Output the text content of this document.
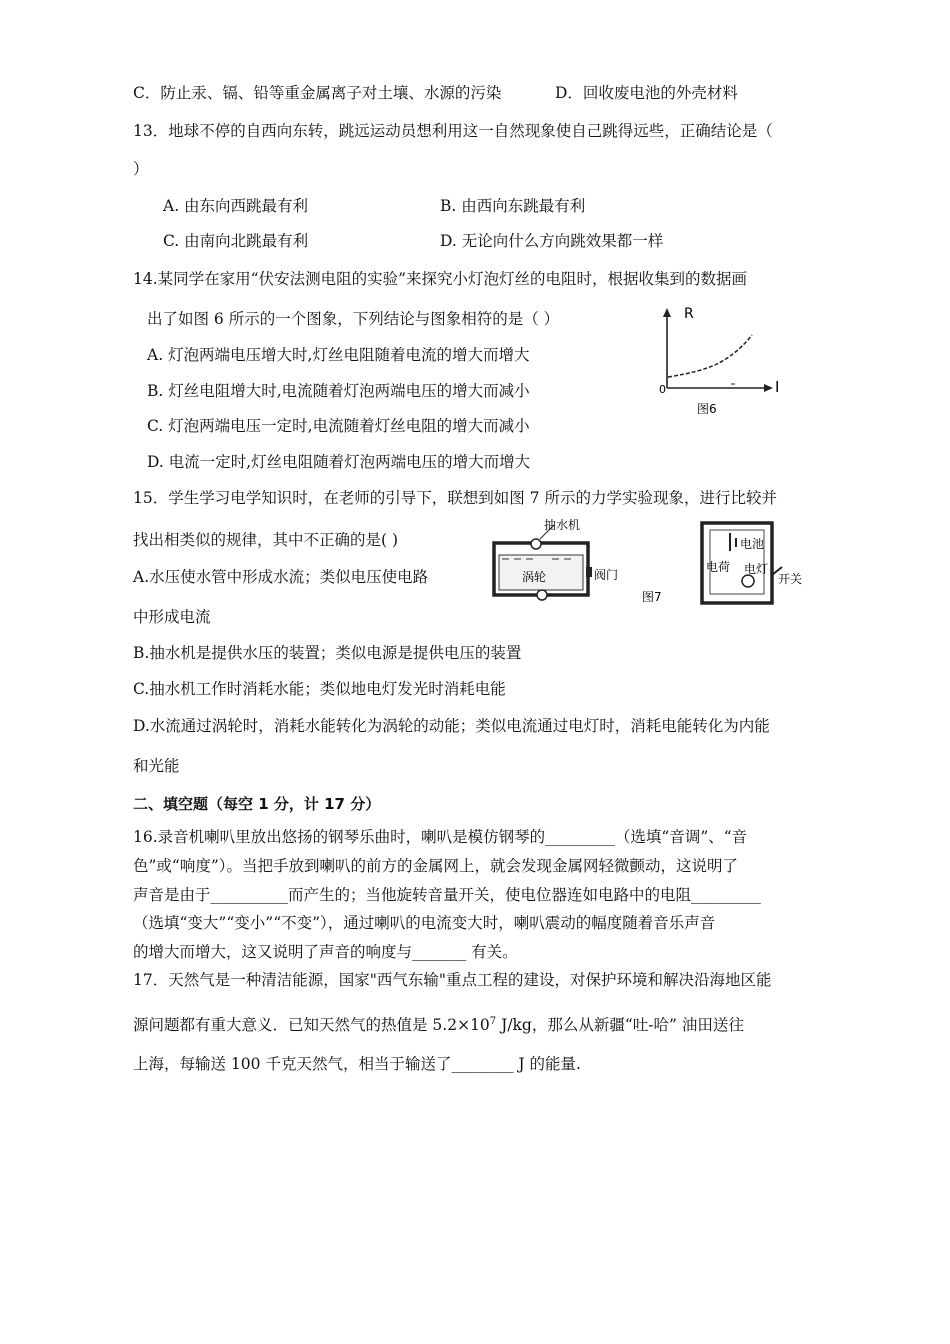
C．防止汞、镉、铅等重金属离子对土壤、水源的污染	D．回收废电池的外壳材料
13．地球不停的自西向东转，跳远运动员想利用这一自然现象使自己跳得远些，正确结论是（
）
A. 由东向西跳最有利	B. 由西向东跳最有利
C. 由南向北跳最有利	D. 无论向什么方向跳效果都一样
14.某同学在家用“伏安法测电阻的实验”来探究小灯泡灯丝的电阻时，根据收集到的数据画
出了如图 6 所示的一个图象，下列结论与图象相符的是（ ）
A. 灯泡两端电压增大时,灯丝电阻随着电流的增大而增大
B. 灯丝电阻增大时,电流随着灯泡两端电压的增大而减小
C. 灯泡两端电压一定时,电流随着灯丝电阻的增大而减小
D. 电流一定时,灯丝电阻随着灯泡两端电压的增大而增大
R
I
0
图6
15．学生学习电学知识时，在老师的引导下，联想到如图 7 所示的力学实验现象，进行比较并
找出相类似的规律，其中不正确的是( )
A.水压使水管中形成水流；类似电压使电路
中形成电流
B.抽水机是提供水压的装置；类似电源是提供电压的装置
C.抽水机工作时消耗水能；类似地电灯发光时消耗电能
D.水流通过涡轮时，消耗水能转化为涡轮的动能；类似电流通过电灯时，消耗电能转化为内能
和光能
抽水机
涡轮	阀门
电池
电荷 电灯
开关
图7
二、填空题（每空 1 分，计 17 分）
16.录音机喇叭里放出悠扬的钢琴乐曲时，喇叭是模仿钢琴的_________（选填“音调”、“音
色”或“响度”）。当把手放到喇叭的前方的金属网上，就会发现金属网轻微颤动，这说明了
声音是由于__________而产生的；当他旋转音量开关，使电位器连如电路中的电阻_________
（选填“变大”“变小”“不变”），通过喇叭的电流变大时，喇叭震动的幅度随着音乐声音
的增大而增大，这又说明了声音的响度与_______ 有关。
17．天然气是一种清洁能源，国家"西气东输"重点工程的建设，对保护环境和解决沿海地区能
源问题都有重大意义．已知天然气的热值是 $5.2\times 10^7$ J/kg，那么从新疆“吐-哈” 油田送往
上海，每输送 100 千克天然气，相当于输送了________ J 的能量.
